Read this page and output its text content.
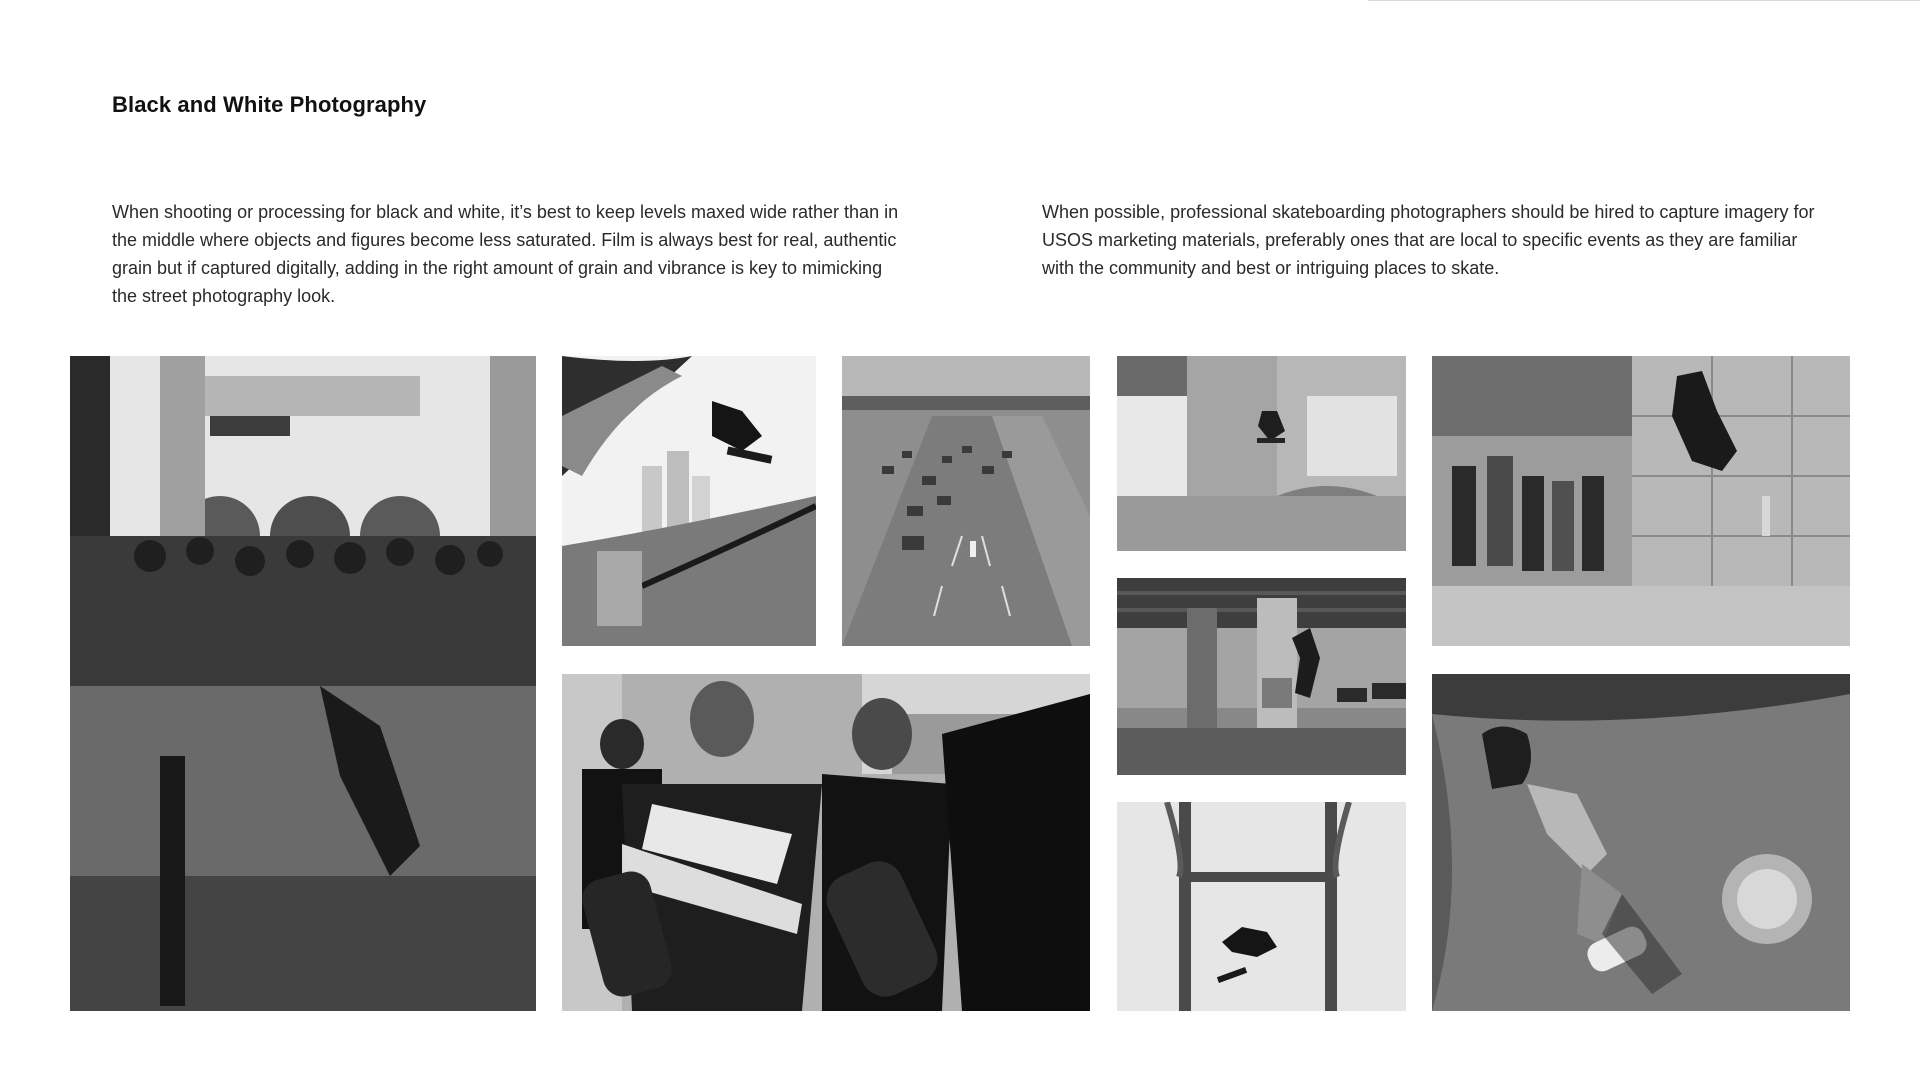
Black and White Photography

When shooting or processing for black and white, it’s best to keep levels maxed wide rather than in the middle where objects and figures become less saturated. Film is always best for real, authentic grain but if captured digitally, adding in the right amount of grain and vibrance is key to mimicking the street photography look.

When possible, professional skateboarding photographers should be hired to capture imagery for USOS marketing materials, preferably ones that are local to specific events as they are familiar with the community and best or intriguing places to skate.
